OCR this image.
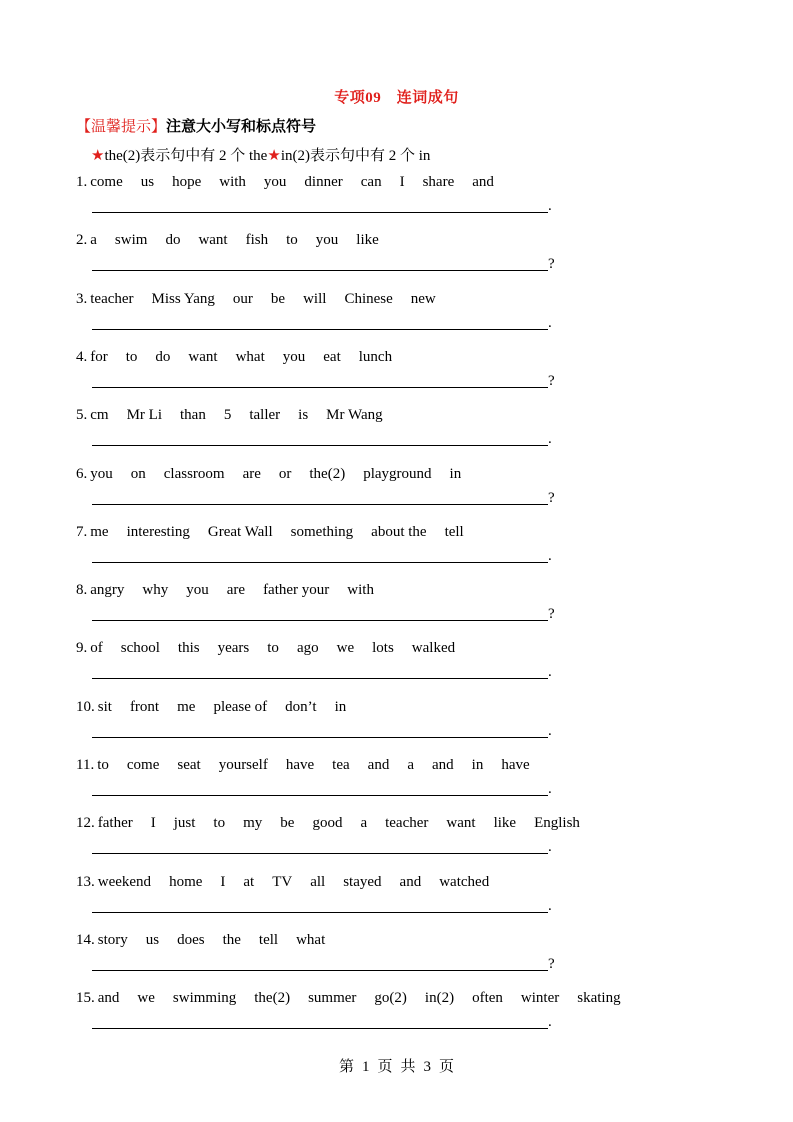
专项09　连词成句
【温馨提示】注意大小写和标点符号
★the(2)表示句中有 2 个 the★in(2)表示句中有 2 个 in
1. come us hope with you dinner can I share and
.
2. a swim do want fish to you like
?
3. teacher Miss Yang our be will Chinese new
.
4. for to do want what you eat lunch
?
5. cm Mr Li than 5 taller is Mr Wang
.
6. you on classroom are or the(2) playground in
?
7. me interesting Great Wall something about the tell
.
8. angry why you are father your with
?
9. of school this years to ago we lots walked
.
10. sit front me please of don’t in
.
11. to come seat yourself have tea and a and in have
.
12. father I just to my be good a teacher want like English
.
13. weekend home I at TV all stayed and watched
.
14. story us does the tell what
?
15. and we swimming the(2) summer go(2) in(2) often winter skating
.
第 1 页 共 3 页
